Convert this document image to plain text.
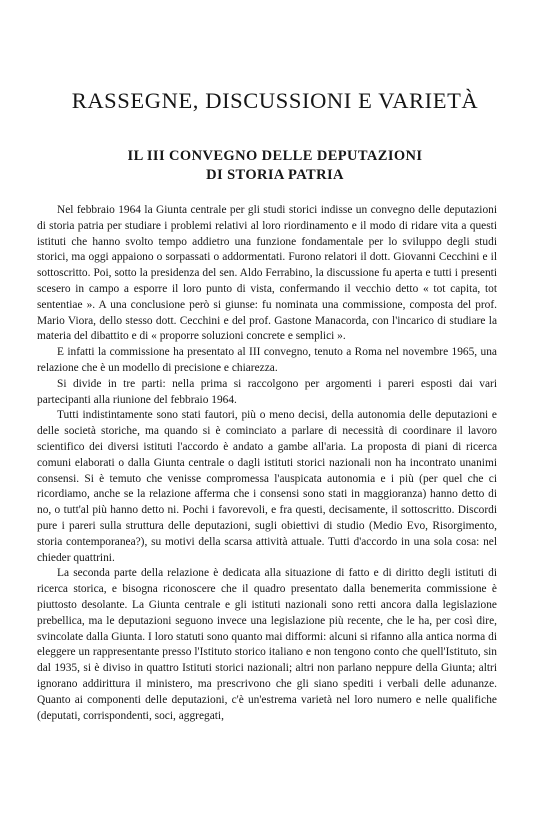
RASSEGNE, DISCUSSIONI E VARIETÀ
IL III CONVEGNO DELLE DEPUTAZIONI
DI STORIA PATRIA

Nel febbraio 1964 la Giunta centrale per gli studi storici indisse un convegno delle deputazioni di storia patria per studiare i problemi relativi al loro riordinamento e il modo di ridare vita a questi istituti che hanno svolto tempo addietro una funzione fondamentale per lo sviluppo degli studi storici, ma oggi appaiono o sorpassati o addormentati. Furono relatori il dott. Giovanni Cecchini e il sottoscritto. Poi, sotto la presidenza del sen. Aldo Ferrabino, la discussione fu aperta e tutti i presenti scesero in campo a esporre il loro punto di vista, confermando il vecchio detto « tot capita, tot sententiae ». A una conclusione però si giunse: fu nominata una commissione, composta del prof. Mario Viora, dello stesso dott. Cecchini e del prof. Gastone Manacorda, con l'incarico di studiare la materia del dibattito e di « proporre soluzioni concrete e semplici ».

E infatti la commissione ha presentato al III convegno, tenuto a Roma nel novembre 1965, una relazione che è un modello di precisione e chiarezza.

Si divide in tre parti: nella prima si raccolgono per argomenti i pareri esposti dai vari partecipanti alla riunione del febbraio 1964.

Tutti indistintamente sono stati fautori, più o meno decisi, della autonomia delle deputazioni e delle società storiche, ma quando si è cominciato a parlare di necessità di coordinare il lavoro scientifico dei diversi istituti l'accordo è andato a gambe all'aria. La proposta di piani di ricerca comuni elaborati o dalla Giunta centrale o dagli istituti storici nazionali non ha incontrato unanimi consensi. Si è temuto che venisse compromessa l'auspicata autonomia e i più (per quel che ci ricordiamo, anche se la relazione afferma che i consensi sono stati in maggioranza) hanno detto di no, o tutt'al più hanno detto ni. Pochi i favorevoli, e fra questi, decisamente, il sottoscritto. Discordi pure i pareri sulla struttura delle deputazioni, sugli obiettivi di studio (Medio Evo, Risorgimento, storia contemporanea?), su motivi della scarsa attività attuale. Tutti d'accordo in una sola cosa: nel chieder quattrini.

La seconda parte della relazione è dedicata alla situazione di fatto e di diritto degli istituti di ricerca storica, e bisogna riconoscere che il quadro presentato dalla benemerita commissione è piuttosto desolante. La Giunta centrale e gli istituti nazionali sono retti ancora dalla legislazione prebellica, ma le deputazioni seguono invece una legislazione più recente, che le ha, per così dire, svincolate dalla Giunta. I loro statuti sono quanto mai difformi: alcuni si rifanno alla antica norma di eleggere un rappresentante presso l'Istituto storico italiano e non tengono conto che quell'Istituto, sin dal 1935, si è diviso in quattro Istituti storici nazionali; altri non parlano neppure della Giunta; altri ignorano addirittura il ministero, ma prescrivono che gli siano spediti i verbali delle adunanze. Quanto ai componenti delle deputazioni, c'è un'estrema varietà nel loro numero e nelle qualifiche (deputati, corrispondenti, soci, aggregati,
